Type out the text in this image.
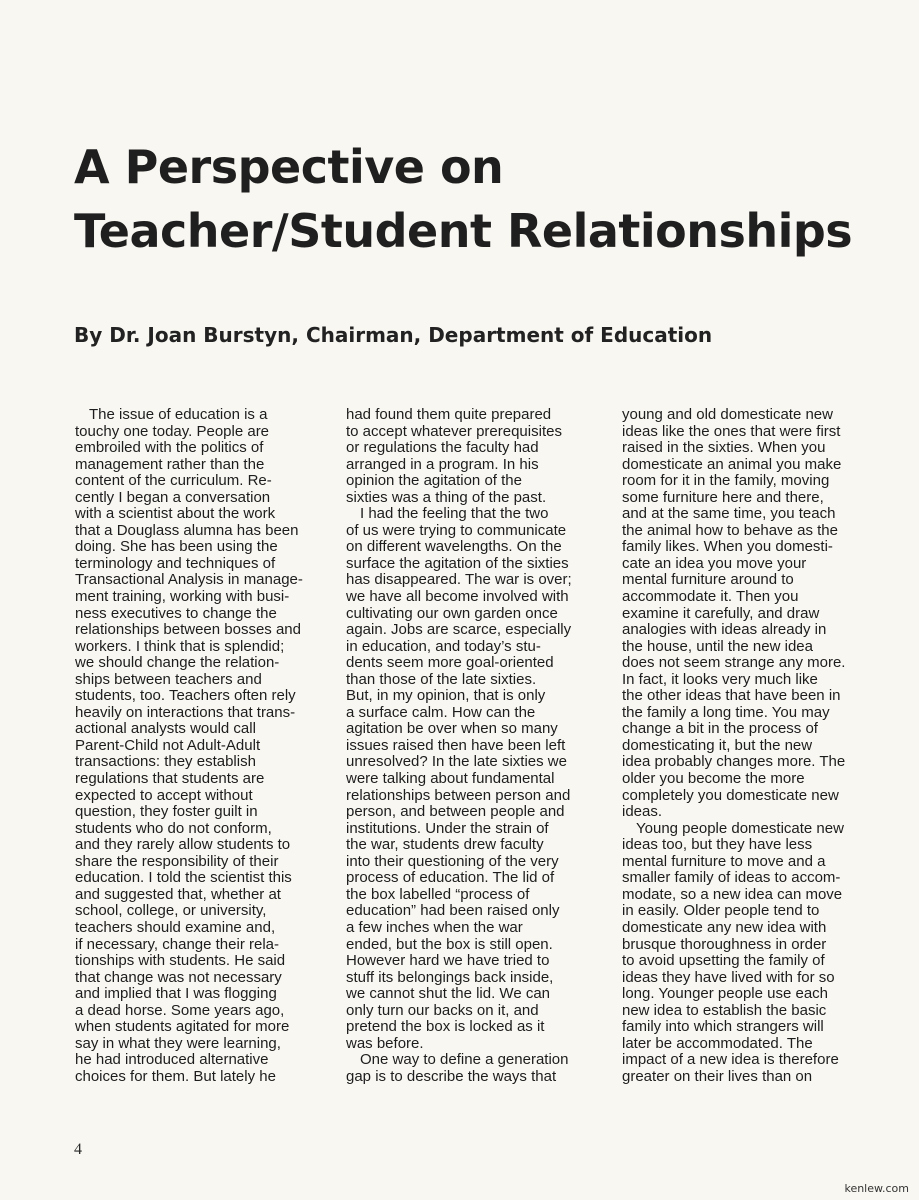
A Perspective on
Teacher/Student Relationships

By Dr. Joan Burstyn, Chairman, Department of Education

The issue of education is a
touchy one today. People are
embroiled with the politics of
management rather than the
content of the curriculum. Re-
cently I began a conversation
with a scientist about the work
that a Douglass alumna has been
doing. She has been using the
terminology and techniques of
Transactional Analysis in manage-
ment training, working with busi-
ness executives to change the
relationships between bosses and
workers. I think that is splendid;
we should change the relation-
ships between teachers and
students, too. Teachers often rely
heavily on interactions that trans-
actional analysts would call
Parent-Child not Adult-Adult
transactions: they establish
regulations that students are
expected to accept without
question, they foster guilt in
students who do not conform,
and they rarely allow students to
share the responsibility of their
education. I told the scientist this
and suggested that, whether at
school, college, or university,
teachers should examine and,
if necessary, change their rela-
tionships with students. He said
that change was not necessary
and implied that I was flogging
a dead horse. Some years ago,
when students agitated for more
say in what they were learning,
he had introduced alternative
choices for them. But lately he
had found them quite prepared
to accept whatever prerequisites
or regulations the faculty had
arranged in a program. In his
opinion the agitation of the
sixties was a thing of the past.
I had the feeling that the two
of us were trying to communicate
on different wavelengths. On the
surface the agitation of the sixties
has disappeared. The war is over;
we have all become involved with
cultivating our own garden once
again. Jobs are scarce, especially
in education, and today’s stu-
dents seem more goal-oriented
than those of the late sixties.
But, in my opinion, that is only
a surface calm. How can the
agitation be over when so many
issues raised then have been left
unresolved? In the late sixties we
were talking about fundamental
relationships between person and
person, and between people and
institutions. Under the strain of
the war, students drew faculty
into their questioning of the very
process of education. The lid of
the box labelled “process of
education” had been raised only
a few inches when the war
ended, but the box is still open.
However hard we have tried to
stuff its belongings back inside,
we cannot shut the lid. We can
only turn our backs on it, and
pretend the box is locked as it
was before.
One way to define a generation
gap is to describe the ways that
young and old domesticate new
ideas like the ones that were first
raised in the sixties. When you
domesticate an animal you make
room for it in the family, moving
some furniture here and there,
and at the same time, you teach
the animal how to behave as the
family likes. When you domesti-
cate an idea you move your
mental furniture around to
accommodate it. Then you
examine it carefully, and draw
analogies with ideas already in
the house, until the new idea
does not seem strange any more.
In fact, it looks very much like
the other ideas that have been in
the family a long time. You may
change a bit in the process of
domesticating it, but the new
idea probably changes more. The
older you become the more
completely you domesticate new
ideas.
Young people domesticate new
ideas too, but they have less
mental furniture to move and a
smaller family of ideas to accom-
modate, so a new idea can move
in easily. Older people tend to
domesticate any new idea with
brusque thoroughness in order
to avoid upsetting the family of
ideas they have lived with for so
long. Younger people use each
new idea to establish the basic
family into which strangers will
later be accommodated. The
impact of a new idea is therefore
greater on their lives than on
4
kenlew.com
